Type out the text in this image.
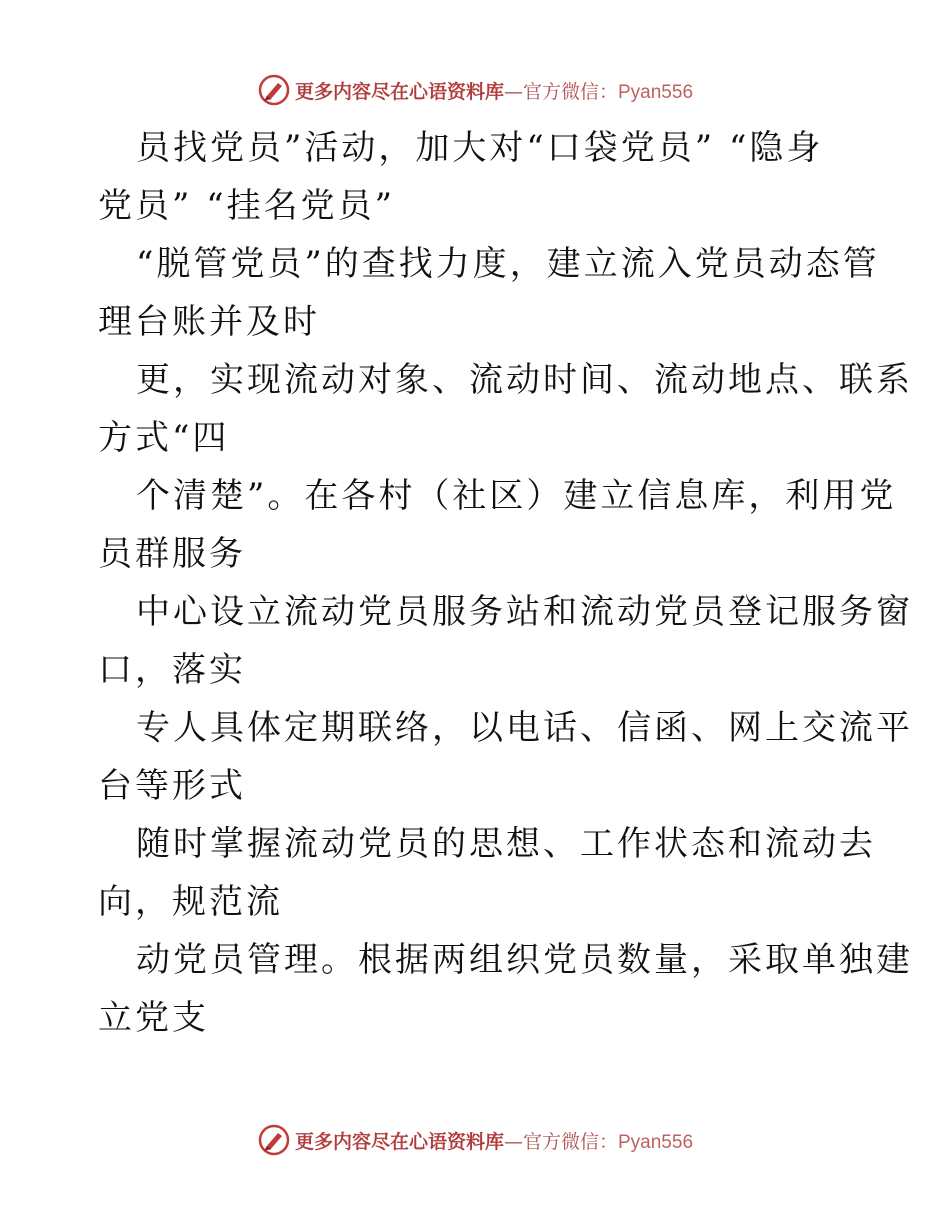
更多内容尽在心语资料库—官方微信：Pyan556
员找党员”活动，加大对“口袋党员” “隐身
党员” “挂名党员”
“脱管党员”的查找力度，建立流入党员动态管
理台账并及时
更，实现流动对象、流动时间、流动地点、联系
方式“四
个清楚”。在各村（社区）建立信息库，利用党
员群服务
中心设立流动党员服务站和流动党员登记服务窗
口，落实
专人具体定期联络，以电话、信函、网上交流平
台等形式
随时掌握流动党员的思想、工作状态和流动去
向，规范流
动党员管理。根据两组织党员数量，采取单独建
立党支
更多内容尽在心语资料库—官方微信：Pyan556
